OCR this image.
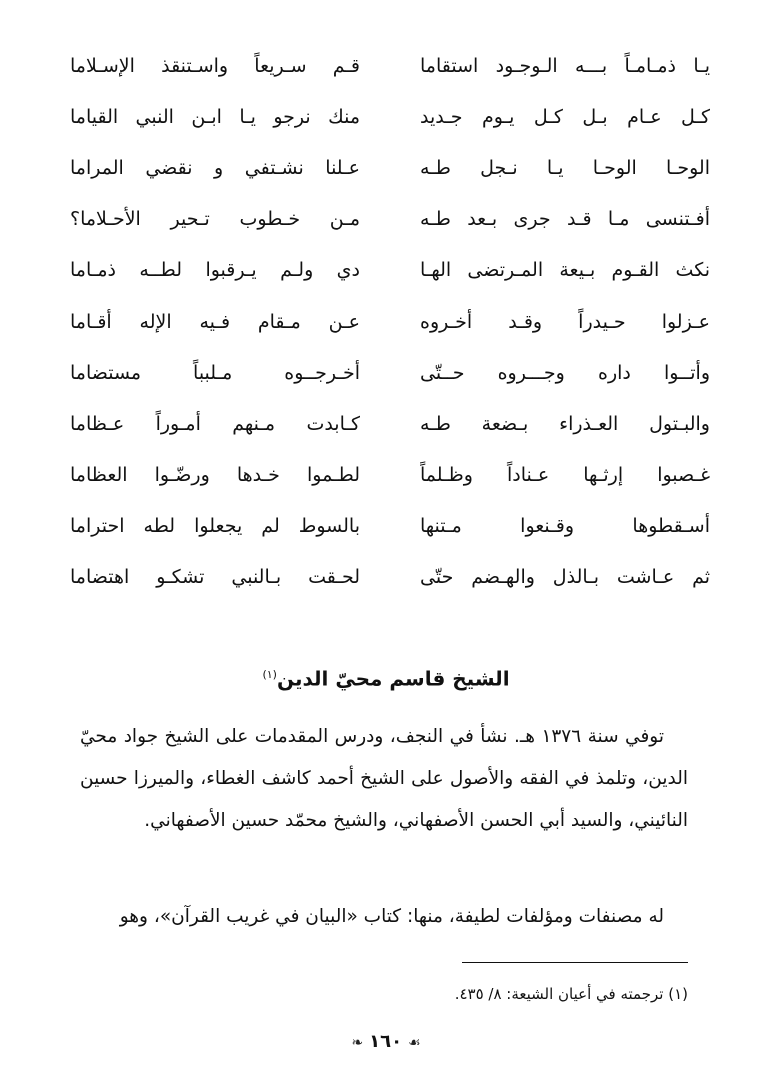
يـا ذمـامـاً بـــه الـوجـود استقاما
قـم سـريعاً واسـتنقذ الإسـلاما
كـل عـام بـل كـل يـوم جـديد
منك نرجو يـا ابـن النبي القياما
الوحـا الوحـا يـا نـجل طـه
عـلنا نشـتفي و نقضي المراما
أفـتنسى مـا قـد جرى بـعد طـه
مـن خـطوب تـحير الأحـلاما؟
نكث القـوم بـيعة المـرتضى الهـا
دي ولـم يـرقبوا لطــه ذمـاما
عـزلوا حـيدراً وقـد أخـروه
عـن مـقام فـيه الإله أقـاما
وأتــوا داره وجـــروه حــتّى
أخـرجــوه مـلبباً مستضاما
والبـتول العـذراء بـضعة طـه
كـابدت مـنهم أمـوراً عـظاما
غـصبوا إرثـها عـناداً وظـلماً
لطـموا خـدها ورضّـوا العظاما
أسـقطوها وقـنعوا مـتنها
بالسوط لم يجعلوا لطه احتراما
ثم عـاشت بـالذل والهـضم حتّى
لحـقت بـالنبي تشكـو اهتضاما
الشيخ قاسم محيّ الدين$^{(١)}$

توفي سنة ١٣٧٦ هـ. نشأ في النجف، ودرس المقدمات على الشيخ جواد محيّ الدين، وتلمذ في الفقه والأصول على الشيخ أحمد كاشف الغطاء، والميرزا حسين النائيني، والسيد أبي الحسن الأصفهاني، والشيخ محمّد حسين الأصفهاني.

له مصنفات ومؤلفات لطيفة، منها: كتاب «البيان في غريب القرآن»، وهو

(١) ترجمته في أعيان الشيعة: ٨/ ٤٣٥.
❧ ١٦٠ ☙
